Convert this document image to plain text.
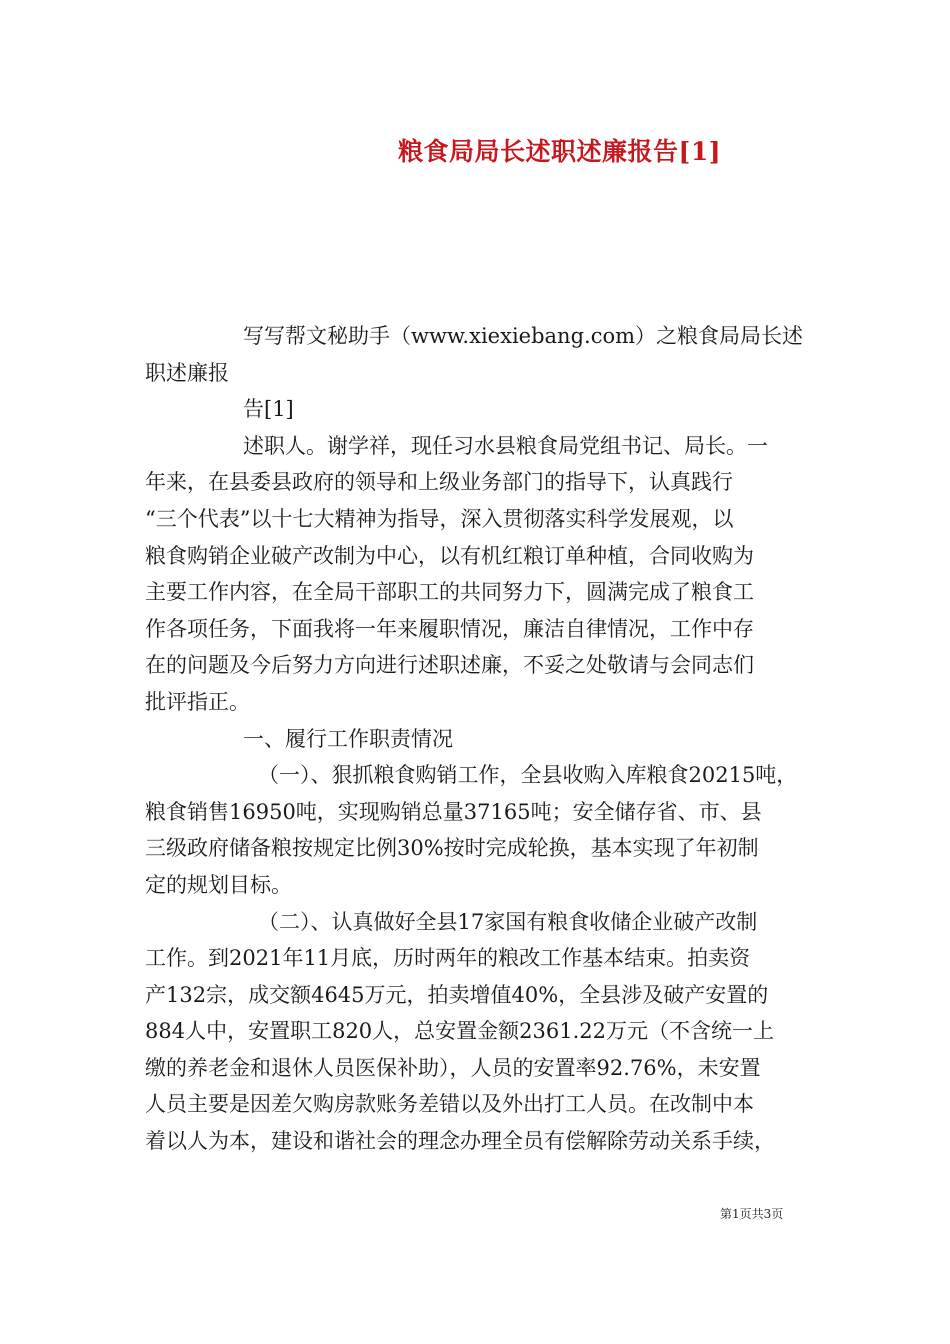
粮食局局长述职述廉报告[1]
写写帮文秘助手（www.xiexiebang.com）之粮食局局长述
职述廉报
告[1]
述职人。谢学祥，现任习水县粮食局党组书记、局长。一
年来，在县委县政府的领导和上级业务部门的指导下，认真践行
“三个代表”以十七大精神为指导，深入贯彻落实科学发展观，以
粮食购销企业破产改制为中心，以有机红粮订单种植，合同收购为
主要工作内容，在全局干部职工的共同努力下，圆满完成了粮食工
作各项任务，下面我将一年来履职情况，廉洁自律情况，工作中存
在的问题及今后努力方向进行述职述廉，不妥之处敬请与会同志们
批评指正。
一、履行工作职责情况
（一）、狠抓粮食购销工作，全县收购入库粮食20215吨，
粮食销售16950吨，实现购销总量37165吨；安全储存省、市、县
三级政府储备粮按规定比例30%按时完成轮换，基本实现了年初制
定的规划目标。
（二）、认真做好全县17家国有粮食收储企业破产改制
工作。到2021年11月底，历时两年的粮改工作基本结束。拍卖资
产132宗，成交额4645万元，拍卖增值40%，全县涉及破产安置的
884人中，安置职工820人，总安置金额2361.22万元（不含统一上
缴的养老金和退休人员医保补助），人员的安置率92.76%，未安置
人员主要是因差欠购房款账务差错以及外出打工人员。在改制中本
着以人为本，建设和谐社会的理念办理全员有偿解除劳动关系手续，
第1页共3页
